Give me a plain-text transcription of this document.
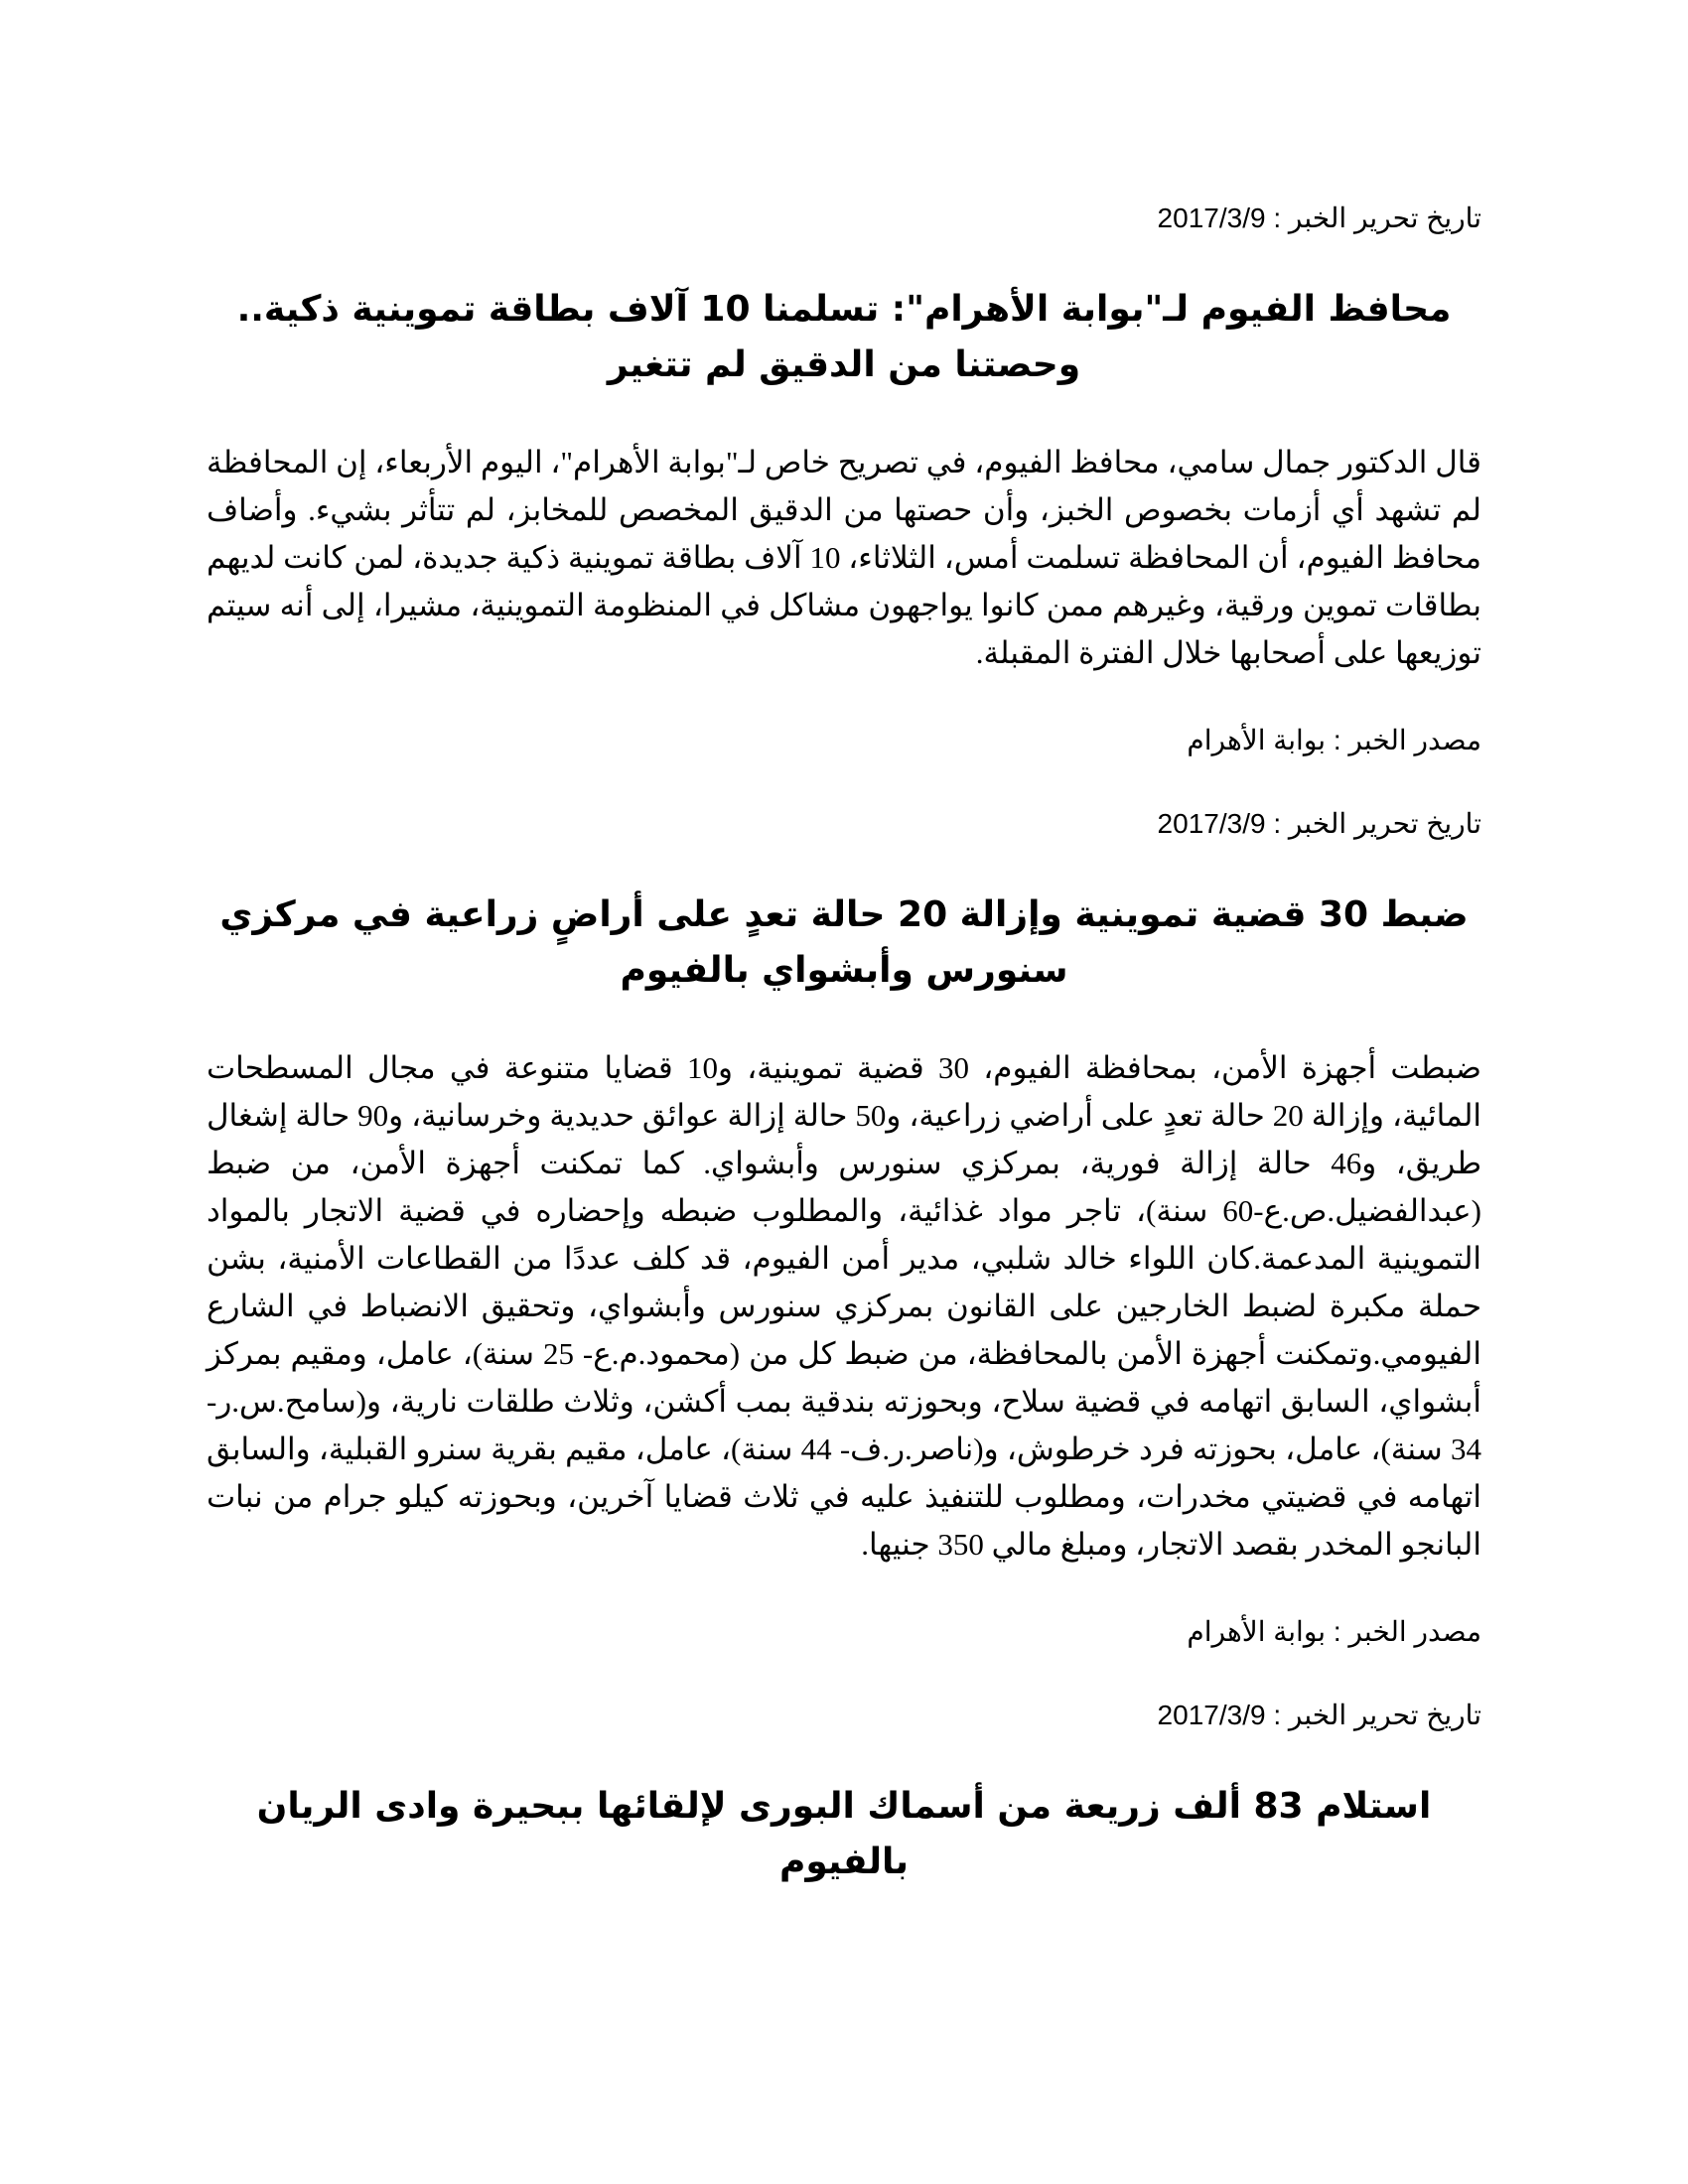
تاريخ تحرير الخبر : 2017/3/9

محافظ الفيوم لـ"بوابة الأهرام": تسلمنا 10 آلاف بطاقة تموينية ذكية.. وحصتنا من الدقيق لم تتغير

قال الدكتور جمال سامي، محافظ الفيوم، في تصريح خاص لـ"بوابة الأهرام"، اليوم الأربعاء، إن المحافظة لم تشهد أي أزمات بخصوص الخبز، وأن حصتها من الدقيق المخصص للمخابز، لم تتأثر بشيء. وأضاف محافظ الفيوم، أن المحافظة تسلمت أمس، الثلاثاء، 10 آلاف بطاقة تموينية ذكية جديدة، لمن كانت لديهم بطاقات تموين ورقية، وغيرهم ممن كانوا يواجهون مشاكل في المنظومة التموينية، مشيرا، إلى أنه سيتم توزيعها على أصحابها خلال الفترة المقبلة.

مصدر الخبر : بوابة الأهرام

تاريخ تحرير الخبر : 2017/3/9

ضبط 30 قضية تموينية وإزالة 20 حالة تعدٍ على أراضٍ زراعية في مركزي سنورس وأبشواي بالفيوم

ضبطت أجهزة الأمن، بمحافظة الفيوم، 30 قضية تموينية، و10 قضايا متنوعة في مجال المسطحات المائية، وإزالة 20 حالة تعدٍ على أراضي زراعية، و50 حالة إزالة عوائق حديدية وخرسانية، و90 حالة إشغال طريق، و46 حالة إزالة فورية، بمركزي سنورس وأبشواي. كما تمكنت أجهزة الأمن، من ضبط (عبدالفضيل.ص.ع-60 سنة)، تاجر مواد غذائية، والمطلوب ضبطه وإحضاره في قضية الاتجار بالمواد التموينية المدعمة.كان اللواء خالد شلبي، مدير أمن الفيوم، قد كلف عددًا من القطاعات الأمنية، بشن حملة مكبرة لضبط الخارجين على القانون بمركزي سنورس وأبشواي، وتحقيق الانضباط في الشارع الفيومي.وتمكنت أجهزة الأمن بالمحافظة، من ضبط كل من (محمود.م.ع- 25 سنة)، عامل، ومقيم بمركز أبشواي، السابق اتهامه في قضية سلاح، وبحوزته بندقية بمب أكشن، وثلاث طلقات نارية، و(سامح.س.ر- 34 سنة)، عامل، بحوزته فرد خرطوش، و(ناصر.ر.ف- 44 سنة)، عامل، مقيم بقرية سنرو القبلية، والسابق اتهامه في قضيتي مخدرات، ومطلوب للتنفيذ عليه في ثلاث قضايا آخرين، وبحوزته كيلو جرام من نبات البانجو المخدر بقصد الاتجار، ومبلغ مالي 350 جنيها.

مصدر الخبر : بوابة الأهرام

تاريخ تحرير الخبر : 2017/3/9

استلام 83 ألف زريعة من أسماك البورى لإلقائها ببحيرة وادى الريان بالفيوم
